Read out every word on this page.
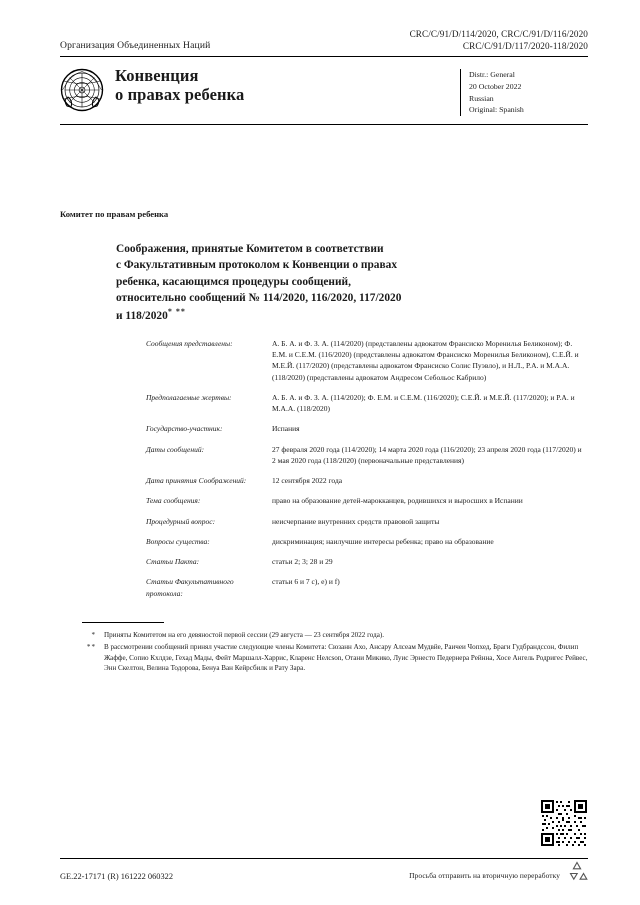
CRC/C/91/D/114/2020, CRC/C/91/D/116/2020
CRC/C/91/D/117/2020-118/2020
Организация Объединенных Наций
Конвенция
о правах ребенка
Distr.: General
20 October 2022
Russian
Original: Spanish
Комитет по правам ребенка
Соображения, принятые Комитетом в соответствии
с Факультативным протоколом к Конвенции о правах
ребенка, касающимся процедуры сообщений,
относительно сообщений № 114/2020, 116/2020, 117/2020
и 118/2020* **
Сообщения представлены:	А. Б. А. и Ф. З. А. (114/2020) (представлены адвокатом Франсиско Моренилья Беликоном); Ф. Е.М. и С.Е.М. (116/2020) (представлены адвокатом Франсиско Моренилья Беликоном), С.Е.Й. и М.Е.Й. (117/2020) (представлены адвокатом Франсиско Солис Пуэвло), и Н.Л., Р.А. и М.А.А. (118/2020) (представлены адвокатом Андресом Себольос Кабрило)
Предполагаемые жертвы:	А. Б. А. и Ф. З. А. (114/2020); Ф. Е.М. и С.Е.М. (116/2020); С.Е.Й. и М.Е.Й. (117/2020); и Р.А. и М.А.А. (118/2020)
Государство-участник:	Испания
Даты сообщений:	27 февраля 2020 года (114/2020); 14 марта 2020 года (116/2020); 23 апреля 2020 года (117/2020) и 2 мая 2020 года (118/2020) (первоначальные представления)
Дата принятия Соображений:	12 сентября 2022 года
Тема сообщения:	право на образование детей-марокканцев, родившихся и выросших в Испании
Процедурный вопрос:	неисчерпание внутренних средств правовой защиты
Вопросы существа:	дискриминация; наилучшие интересы ребенка; право на образование
Статьи Пакта:	статьи 2; 3; 28 и 29
Статьи Факультативного протокола:	статьи 6 и 7 c), e) и f)
*	Приняты Комитетом на его девяностой первой сессии (29 августа — 23 сентября 2022 года).
**	В рассмотрении сообщений принял участие следующие члены Комитета: Сюзанн Ахо, Ансару Алсеам Мудвйе, Раичеи Чопхед, Браги Гудбрандссон, Филип Жаффе, Сопио Кхлдзе, Гехад Мады, Фейт Маршалл-Харрис, Кларенс Нелсson, Отани Микико, Луис Эрнесто Педернера Рейнна, Хосе Ангель Родригес Рейвес, Энн Скелтон, Велина Тодорова, Бенуа Ван Кейрсбилк и Рату Зара.
GE.22-17171 (R) 161222 060322	Просьба отправить на вторичную переработку
